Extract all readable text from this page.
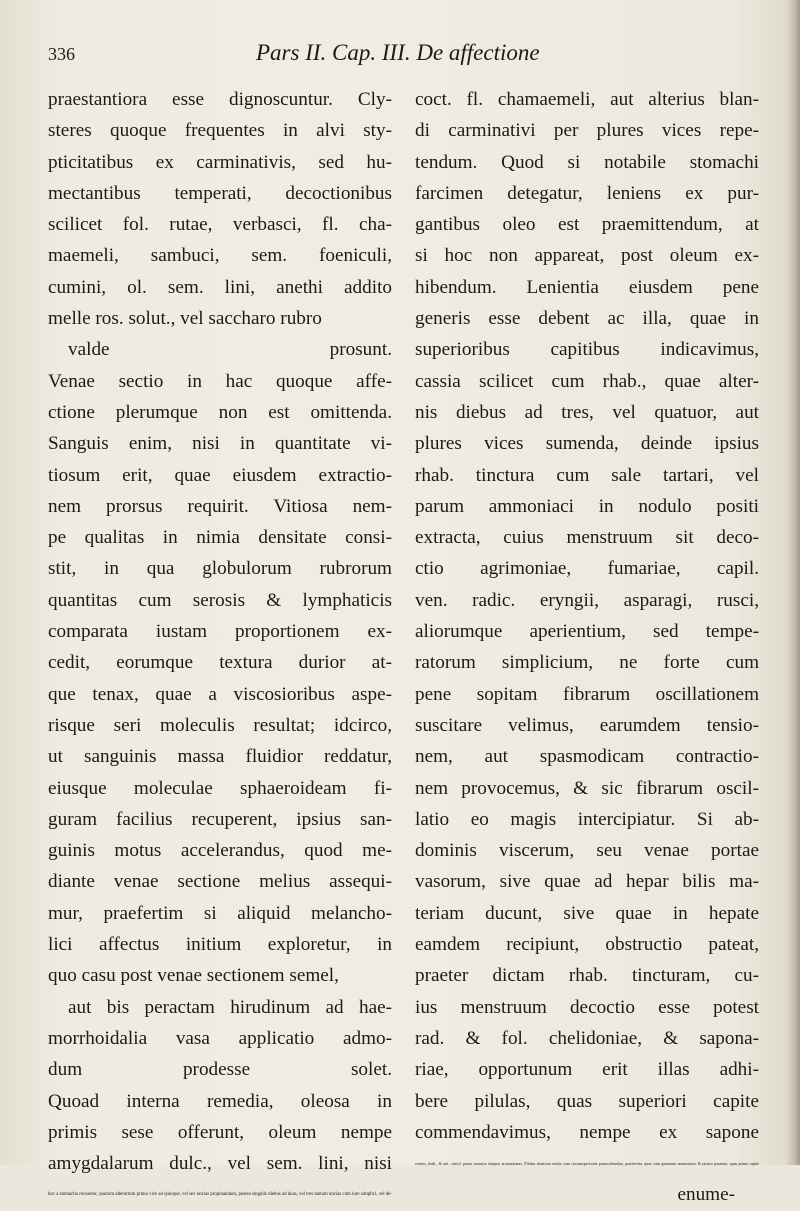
336	Pars II. Cap. III. De affectione
praestantiora esse dignoscuntur. Cly-
steres quoque frequentes in alvi sty-
pticitatibus ex carminativis, sed hu-
mectantibus temperati, decoctionibus
scilicet fol. rutae, verbasci, fl. cha-
maemeli, sambuci, sem. foeniculi,
cumini, ol. sem. lini, anethi addito
melle ros. solut., vel saccharo rubro
valde prosunt.
Venae sectio in hac quoque affe-
ctione plerumque non est omittenda.
Sanguis enim, nisi in quantitate vi-
tiosum erit, quae eiusdem extractio-
nem prorsus requirit. Vitiosa nem-
pe qualitas in nimia densitate consi-
stit, in qua globulorum rubrorum
quantitas cum serosis & lymphaticis
comparata iustam proportionem ex-
cedit, eorumque textura durior at-
que tenax, quae a viscosioribus aspe-
risque seri moleculis resultat; idcirco,
ut sanguinis massa fluidior reddatur,
eiusque moleculae sphaeroideam fi-
guram facilius recuperent, ipsius san-
guinis motus accelerandus, quod me-
diante venae sectione melius assequi-
mur, praefertim si aliquid melancho-
lici affectus initium exploretur, in
quo casu post venae sectionem semel,
aut bis peractam hirudinum ad hae-
morrhoidalia vasa applicatio admo-
dum prodesse solet.
Quoad interna remedia, oleosa in
primis sese offerunt, oleum nempe
amygdalarum dulc., vel sem. lini, nisi
hoc a stomacho recusetur, quorum alterutrum prima vice ad quinque, vel sex uncias propinandum, postea singulis diebus ad duas, vel tres tantum uncias cum iure simplici, vel de-
coct. fl. chamaemeli, aut alterius blan-
di carminativi per plures vices repe-
tendum. Quod si notabile stomachi
farcimen detegatur, leniens ex pur-
gantibus oleo est praemittendum, at
si hoc non appareat, post oleum ex-
hibendum. Lenientia eiusdem pene
generis esse debent ac illa, quae in
superioribus capitibus indicavimus,
cassia scilicet cum rhab., quae alter-
nis diebus ad tres, vel quatuor, aut
plures vices sumenda, deinde ipsius
rhab. tinctura cum sale tartari, vel
parum ammoniaci in nodulo positi
extracta, cuius menstruum sit deco-
ctio agrimoniae, fumariae, capil.
ven. radic. eryngii, asparagi, rusci,
aliorumque aperientium, sed tempe-
ratorum simplicium, ne forte cum
pene sopitam fibrarum oscillationem
suscitare velimus, earumdem tensio-
nem, aut spasmodicam contractio-
nem provocemus, & sic fibrarum oscil-
latio eo magis intercipiatur. Si ab-
dominis viscerum, seu venae portae
vasorum, sive quae ad hepar bilis ma-
teriam ducunt, sive quae in hepate
eamdem recipiunt, obstructio pateat,
praeter dictam rhab. tincturam, cu-
ius menstruum decoctio esse potest
rad. & fol. chelidoniae, & sapona-
riae, opportunum erit illas adhi-
bere pilulas, quas superiori capite
commendavimus, nempe ex sapone
veneto, rhab., & tart. vitriol. pauca essentia iuniperi aromatizatas. Pilulae aloeticae multa cum circumspectione praescribendae, praefertim, quae cum gummate ammoniaco & tartaro parantur, quas primo capite
enume-
